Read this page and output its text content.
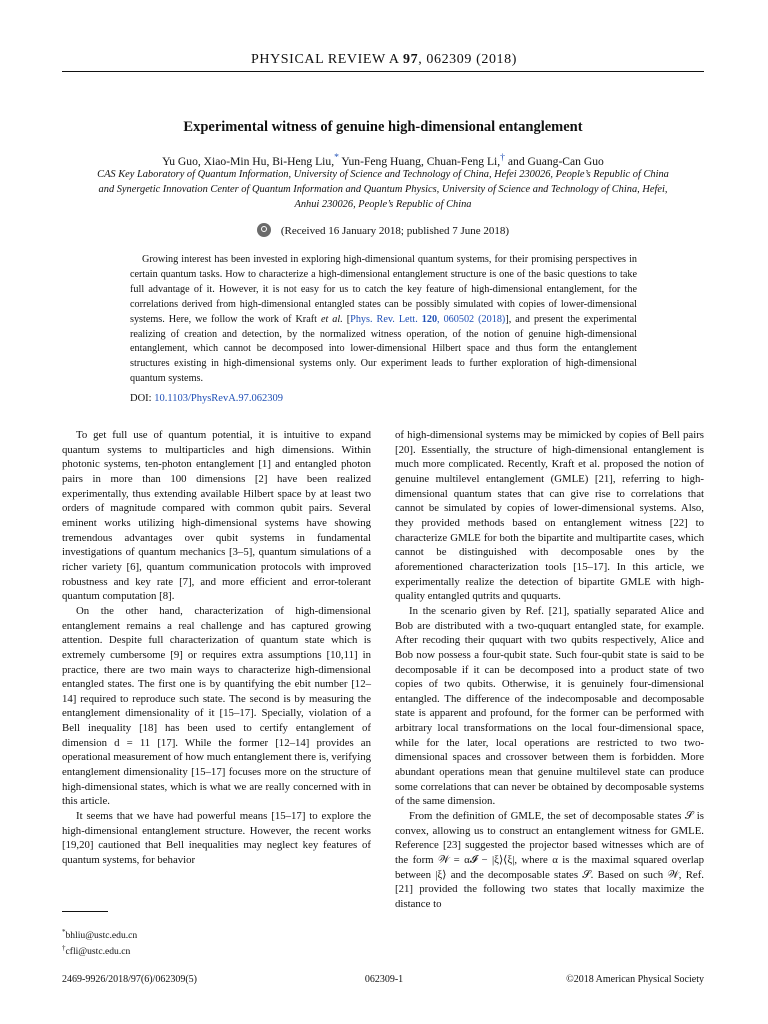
PHYSICAL REVIEW A 97, 062309 (2018)
Experimental witness of genuine high-dimensional entanglement
Yu Guo, Xiao-Min Hu, Bi-Heng Liu,* Yun-Feng Huang, Chuan-Feng Li,† and Guang-Can Guo
CAS Key Laboratory of Quantum Information, University of Science and Technology of China, Hefei 230026, People’s Republic of China
and Synergetic Innovation Center of Quantum Information and Quantum Physics, University of Science and Technology of China, Hefei,
Anhui 230026, People’s Republic of China
(Received 16 January 2018; published 7 June 2018)

Growing interest has been invested in exploring high-dimensional quantum systems, for their promising perspectives in certain quantum tasks. How to characterize a high-dimensional entanglement structure is one of the basic questions to take full advantage of it. However, it is not easy for us to catch the key feature of high-dimensional entanglement, for the correlations derived from high-dimensional entangled states can be possibly simulated with copies of lower-dimensional systems. Here, we follow the work of Kraft et al. [Phys. Rev. Lett. 120, 060502 (2018)], and present the experimental realizing of creation and detection, by the normalized witness operation, of the notion of genuine high-dimensional entanglement, which cannot be decomposed into lower-dimensional Hilbert space and thus form the entanglement structures existing in high-dimensional systems only. Our experiment leads to further exploration of high-dimensional quantum systems.

DOI: 10.1103/PhysRevA.97.062309

To get full use of quantum potential, it is intuitive to expand quantum systems to multiparticles and high dimensions. Within photonic systems, ten-photon entanglement [1] and entangled photon pairs in more than 100 dimensions [2] have been realized experimentally, thus extending available Hilbert space by at least two orders of magnitude compared with common qubit pairs. Several eminent works utilizing high-dimensional systems have showing tremendous advantages over qubit systems in fundamental investigations of quantum mechanics [3–5], quantum simulations of a richer variety [6], quantum communication protocols with improved robustness and key rate [7], and more efficient and error-tolerant quantum computation [8].

On the other hand, characterization of high-dimensional entanglement remains a real challenge and has captured growing attention. Despite full characterization of quantum state which is extremely cumbersome [9] or requires extra assumptions [10,11] in practice, there are two main ways to characterize high-dimensional entangled states. The first one is by quantifying the ebit number [12–14] required to reproduce such state. The second is by measuring the entanglement dimensionality of it [15–17]. Specially, violation of a Bell inequality [18] has been used to certify entanglement of dimension d = 11 [17]. While the former [12–14] provides an operational measurement of how much entanglement there is, verifying entanglement dimensionality [15–17] focuses more on the structure of high-dimensional states, which is what we are really concerned with in this article.

It seems that we have had powerful means [15–17] to explore the high-dimensional entanglement structure. However, the recent works [19,20] cautioned that Bell inequalities may neglect key features of quantum systems, for behavior

of high-dimensional systems may be mimicked by copies of Bell pairs [20]. Essentially, the structure of high-dimensional entanglement is much more complicated. Recently, Kraft et al. proposed the notion of genuine multilevel entanglement (GMLE) [21], referring to high-dimensional quantum states that can give rise to correlations that cannot be simulated by copies of lower-dimensional systems. Also, they provided methods based on entanglement witness [22] to characterize GMLE for both the bipartite and multipartite cases, which cannot be distinguished with decomposable ones by the aforementioned characterization tools [15–17]. In this article, we experimentally realize the detection of bipartite GMLE with high-quality entangled qutrits and ququarts.

In the scenario given by Ref. [21], spatially separated Alice and Bob are distributed with a two-ququart entangled state, for example. After recoding their ququart with two qubits respectively, Alice and Bob now possess a four-qubit state. Such four-qubit state is said to be decomposable if it can be decomposed into a product state of two copies of two qubits. Otherwise, it is genuinely four-dimensional entangled. The difference of the indecomposable and decomposable state is apparent and profound, for the former can be performed with arbitrary local transformations on the local four-dimensional space, while for the later, local operations are restricted to two two-dimensional spaces and crossover between them is forbidden. More abundant operations mean that genuine multilevel state can produce some correlations that can never be obtained by decomposable systems of the same dimension.

From the definition of GMLE, the set of decomposable states 𝒮 is convex, allowing us to construct an entanglement witness for GMLE. Reference [23] suggested the projector based witnesses which are of the form 𝒲 = α𝓘 − |ξ⟩⟨ξ|, where α is the maximal squared overlap between |ξ⟩ and the decomposable states 𝒮. Based on such 𝒲, Ref. [21] provided the following two states that locally maximize the distance to

*bhliu@ustc.edu.cn
†cfli@ustc.edu.cn
2469-9926/2018/97(6)/062309(5)	062309-1	©2018 American Physical Society
